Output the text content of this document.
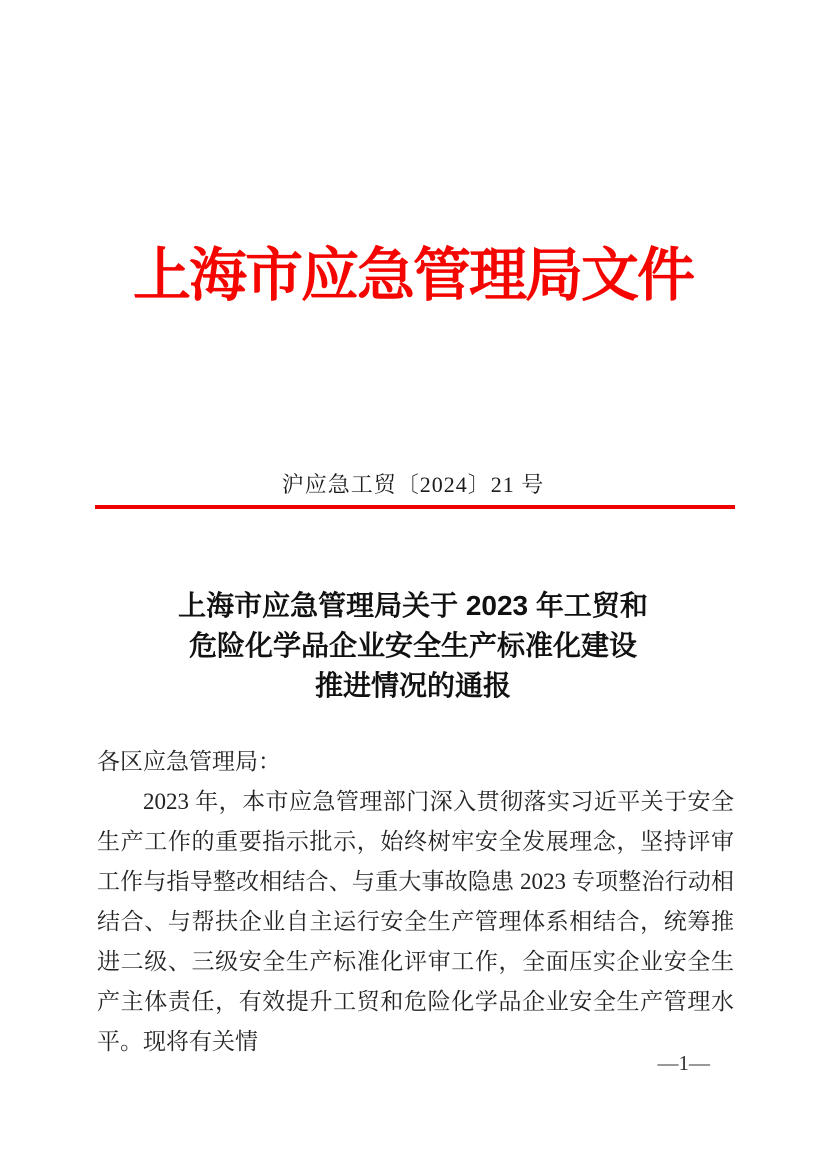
上海市应急管理局文件
沪应急工贸〔2024〕21 号
上海市应急管理局关于 2023 年工贸和
危险化学品企业安全生产标准化建设
推进情况的通报
各区应急管理局：

2023 年，本市应急管理部门深入贯彻落实习近平关于安全生产工作的重要指示批示，始终树牢安全发展理念，坚持评审工作与指导整改相结合、与重大事故隐患 2023 专项整治行动相结合、与帮扶企业自主运行安全生产管理体系相结合，统筹推进二级、三级安全生产标准化评审工作，全面压实企业安全生产主体责任，有效提升工贸和危险化学品企业安全生产管理水平。现将有关情

—1—
